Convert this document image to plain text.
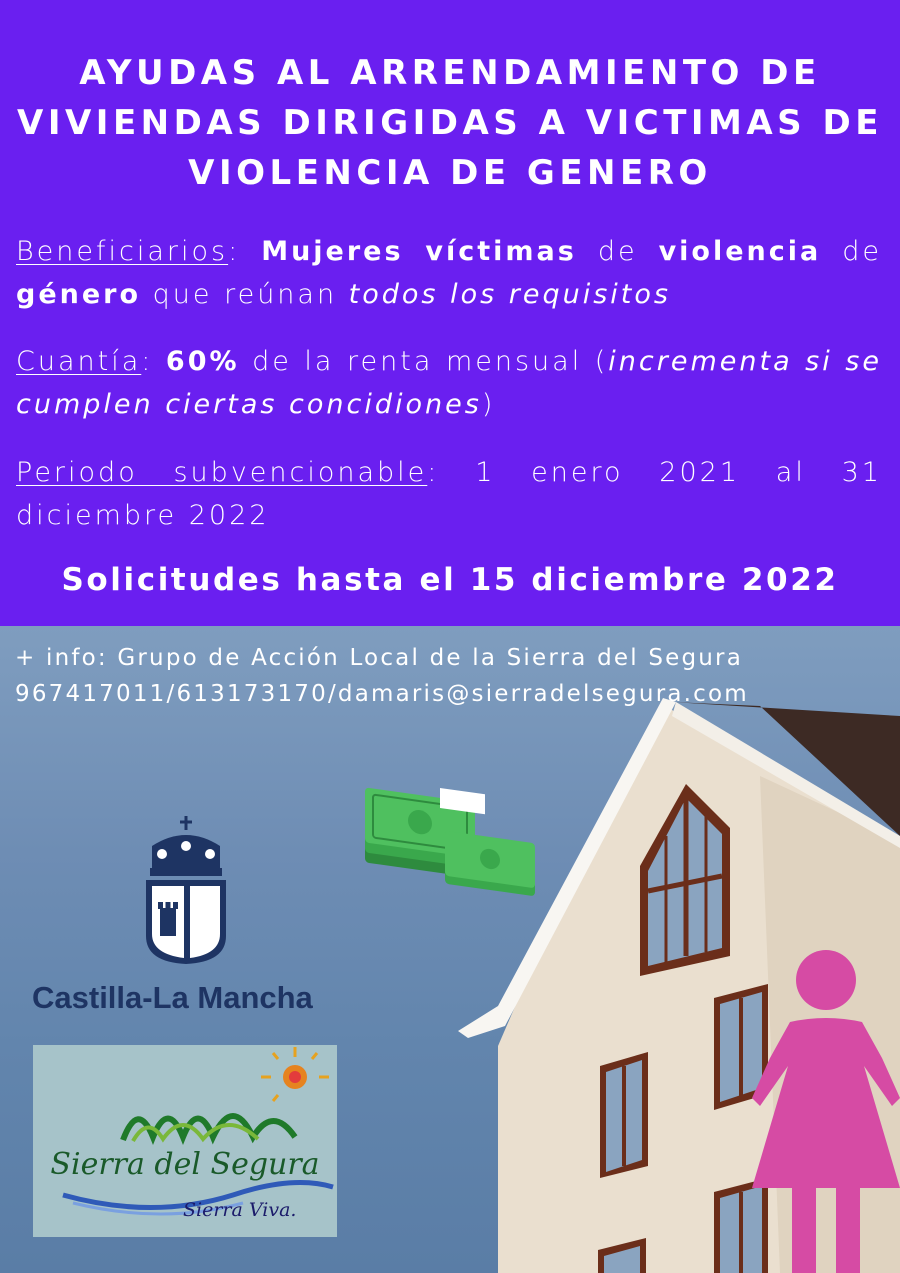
AYUDAS AL ARRENDAMIENTO DE
VIVIENDAS DIRIGIDAS A VICTIMAS DE
VIOLENCIA DE GENERO

Beneficiarios: Mujeres víctimas de violencia de género que reúnan todos los requisitos

Cuantía: 60% de la renta mensual (incrementa si se cumplen ciertas concidiones)

Periodo subvencionable: 1 enero 2021 al 31 diciembre 2022

Solicitudes hasta el 15 diciembre 2022
+ info: Grupo de Acción Local de la Sierra del Segura
967417011/613173170/damaris@sierradelsegura.com
Castilla-La Mancha
Sierra del Segura
Sierra Viva.
